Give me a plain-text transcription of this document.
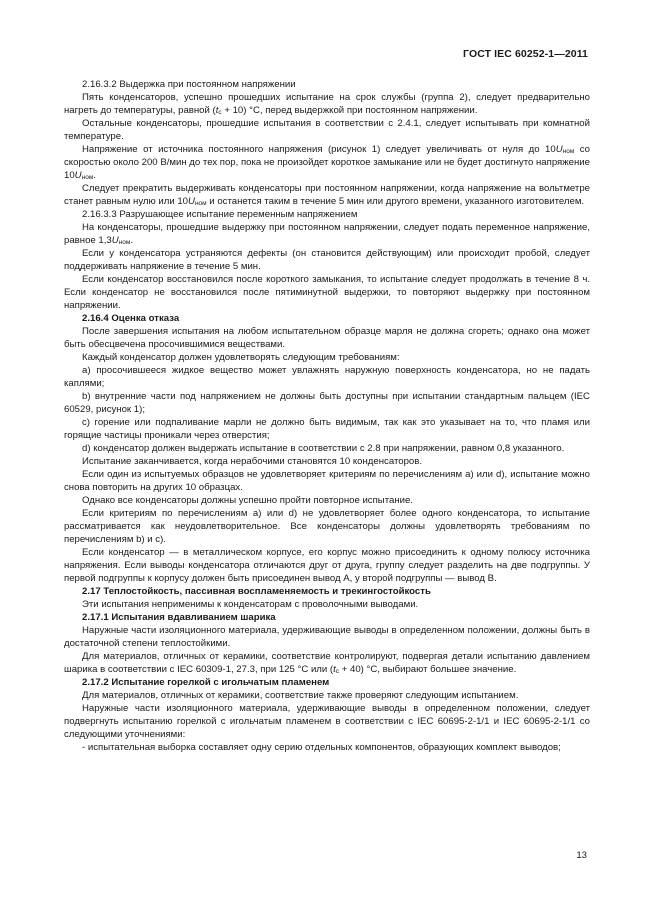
ГОСТ IEC 60252-1—2011

2.16.3.2 Выдержка при постоянном напряжении

Пять конденсаторов, успешно прошедших испытание на срок службы (группа 2), следует предварительно нагреть до температуры, равной $(t_c + 10)$ °С, перед выдержкой при постоянном напряжении.

Остальные конденсаторы, прошедшие испытания в соответствии с 2.4.1, следует испытывать при комнатной температуре.

Напряжение от источника постоянного напряжения (рисунок 1) следует увеличивать от нуля до $10U_{ном}$ со скоростью около 200 В/мин до тех пор, пока не произойдет короткое замыкание или не будет достигнуто напряжение $10U_{ном}$.

Следует прекратить выдерживать конденсаторы при постоянном напряжении, когда напряжение на вольтметре станет равным нулю или $10U_{ном}$ и останется таким в течение 5 мин или другого времени, указанного изготовителем.

2.16.3.3 Разрушающее испытание переменным напряжением

На конденсаторы, прошедшие выдержку при постоянном напряжении, следует подать переменное напряжение, равное $1,3U_{ном}$.

Если у конденсатора устраняются дефекты (он становится действующим) или происходит пробой, следует поддерживать напряжение в течение 5 мин.

Если конденсатор восстановился после короткого замыкания, то испытание следует продолжать в течение 8 ч. Если конденсатор не восстановился после пятиминутной выдержки, то повторяют выдержку при постоянном напряжении.

2.16.4 Оценка отказа

После завершения испытания на любом испытательном образце марля не должна сгореть; однако она может быть обесцвечена просочившимися веществами.

Каждый конденсатор должен удовлетворять следующим требованиям:

a) просочившееся жидкое вещество может увлажнять наружную поверхность конденсатора, но не падать каплями;

b) внутренние части под напряжением не должны быть доступны при испытании стандартным пальцем (IEC 60529, рисунок 1);

c) горение или подпаливание марли не должно быть видимым, так как это указывает на то, что пламя или горящие частицы проникали через отверстия;

d) конденсатор должен выдержать испытание в соответствии с 2.8 при напряжении, равном 0,8 указанного.

Испытание заканчивается, когда нерабочими становятся 10 конденсаторов.

Если один из испытуемых образцов не удовлетворяет критериям по перечислениям a) или d), испытание можно снова повторить на других 10 образцах.

Однако все конденсаторы должны успешно пройти повторное испытание.

Если критериям по перечислениям a) или d) не удовлетворяет более одного конденсатора, то испытание рассматривается как неудовлетворительное. Все конденсаторы должны удовлетворять требованиям по перечислениям b) и c).

Если конденсатор — в металлическом корпусе, его корпус можно присоединить к одному полюсу источника напряжения. Если выводы конденсатора отличаются друг от друга, группу следует разделить на две подгруппы. У первой подгруппы к корпусу должен быть присоединен вывод А, у второй подгруппы — вывод В.

2.17 Теплостойкость, пассивная воспламеняемость и трекингостойкость

Эти испытания неприменимы к конденсаторам с проволочными выводами.

2.17.1 Испытания вдавливанием шарика

Наружные части изоляционного материала, удерживающие выводы в определенном положении, должны быть в достаточной степени теплостойкими.

Для материалов, отличных от керамики, соответствие контролируют, подвергая детали испытанию давлением шарика в соответствии с IEC 60309-1, 27.3, при 125 °С или $(t_c + 40)$ °С, выбирают большее значение.

2.17.2 Испытание горелкой с игольчатым пламенем

Для материалов, отличных от керамики, соответствие также проверяют следующим испытанием.

Наружные части изоляционного материала, удерживающие выводы в определенном положении, следует подвергнуть испытанию горелкой с игольчатым пламенем в соответствии с IEC 60695-2-1/1 и IEC 60695-2-1/1 со следующими уточнениями:

- испытательная выборка составляет одну серию отдельных компонентов, образующих комплект выводов;

13
